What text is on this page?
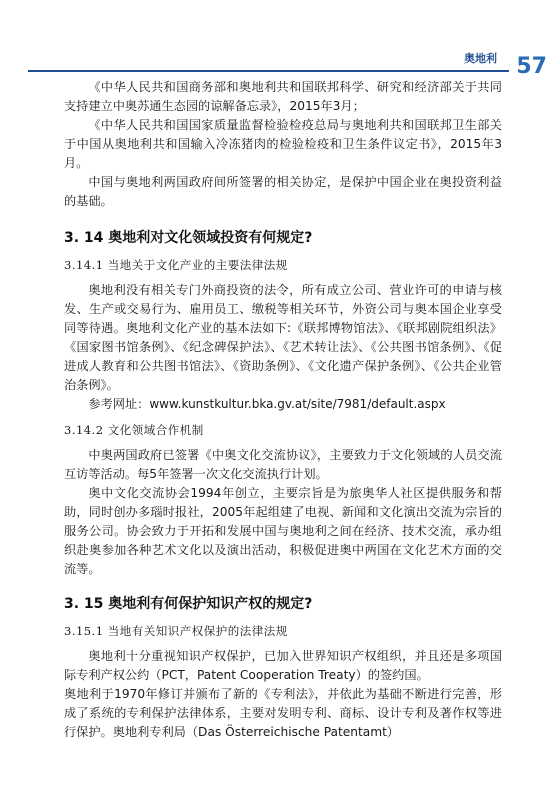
奥地利 57

《中华人民共和国商务部和奥地利共和国联邦科学、研究和经济部关于共同支持建立中奥苏通生态园的谅解备忘录》，2015年3月；

《中华人民共和国国家质量监督检验检疫总局与奥地利共和国联邦卫生部关于中国从奥地利共和国输入冷冻猪肉的检验检疫和卫生条件议定书》，2015年3月。

中国与奥地利两国政府间所签署的相关协定，是保护中国企业在奥投资利益的基础。

3. 14 奥地利对文化领域投资有何规定?
3.14.1 当地关于文化产业的主要法律法规

奥地利没有相关专门外商投资的法令，所有成立公司、营业许可的申请与核发、生产或交易行为、雇用员工、缴税等相关环节，外资公司与奥本国企业享受同等待遇。奥地利文化产业的基本法如下:《联邦博物馆法》、《联邦剧院组织法》《国家图书馆条例》、《纪念碑保护法》、《艺术转让法》、《公共图书馆条例》、《促进成人教育和公共图书馆法》、《资助条例》、《文化遗产保护条例》、《公共企业管治条例》。

参考网址：www.kunstkultur.bka.gv.at/site/7981/default.aspx

3.14.2 文化领域合作机制

中奥两国政府已签署《中奥文化交流协议》，主要致力于文化领域的人员交流互访等活动。每5年签署一次文化交流执行计划。

奥中文化交流协会1994年创立，主要宗旨是为旅奥华人社区提供服务和帮助，同时创办多瑙时报社，2005年起组建了电视、新闻和文化演出交流为宗旨的服务公司。协会致力于开拓和发展中国与奥地利之间在经济、技术交流，承办组织赴奥参加各种艺术文化以及演出活动，积极促进奥中两国在文化艺术方面的交流等。

3. 15 奥地利有何保护知识产权的规定?
3.15.1 当地有关知识产权保护的法律法规

奥地利十分重视知识产权保护，已加入世界知识产权组织，并且还是多项国际专利产权公约（PCT，Patent Cooperation Treaty）的签约国。

奥地利于1970年修订并颁布了新的《专利法》，并依此为基础不断进行完善，形成了系统的专利保护法律体系，主要对发明专利、商标、设计专利及著作权等进行保护。奥地利专利局（Das Österreichische Patentamt）
